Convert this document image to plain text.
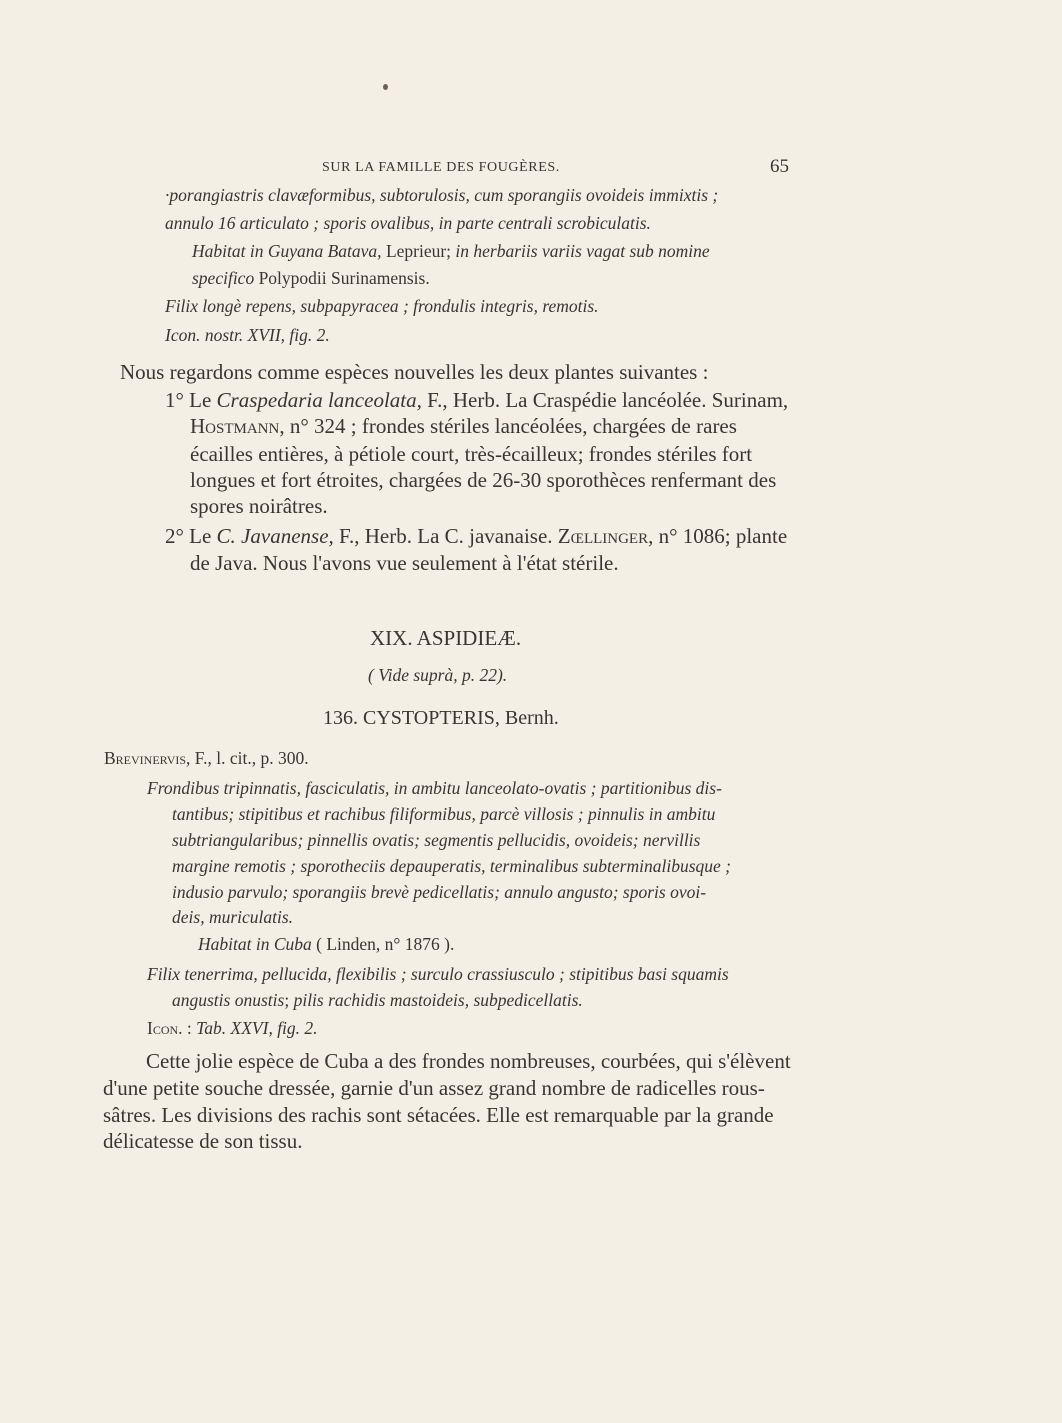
SUR LA FAMILLE DES FOUGÈRES.	65
·porangiastris clavæformibus, subtorulosis, cum sporangiis ovoideis immixtis ;
annulo 16 articulato ; sporis ovalibus, in parte centrali scrobiculatis.
Habitat in Guyana Batava, Leprieur; in herbariis variis vagat sub nomine
specifico Polypodii Surinamensis.
Filix longè repens, subpapyracea ; frondulis integris, remotis.
Icon. nostr. XVII, fig. 2.
Nous regardons comme espèces nouvelles les deux plantes suivantes :
1° Le Craspedaria lanceolata, F., Herb. La Craspédie lancéolée. Surinam,
Hostmann, n° 324 ; frondes stériles lancéolées, chargées de rares
écailles entières, à pétiole court, très-écailleux; frondes stériles fort
longues et fort étroites, chargées de 26-30 sporothèces renfermant des
spores noirâtres.
2° Le C. Javanense, F., Herb. La C. javanaise. Zœllinger, n° 1086; plante
de Java. Nous l'avons vue seulement à l'état stérile.
XIX. ASPIDIEÆ.
( Vide suprà, p. 22).
136. CYSTOPTERIS, Bernh.
Brevinervis, F., l. cit., p. 300.
Frondibus tripinnatis, fasciculatis, in ambitu lanceolato-ovatis ; partitionibus dis-
tantibus; stipitibus et rachibus filiformibus, parcè villosis ; pinnulis in ambitu
subtriangularibus; pinnellis ovatis; segmentis pellucidis, ovoideis; nervillis
margine remotis ; sporotheciis depauperatis, terminalibus subterminalibusque ;
indusio parvulo; sporangiis brevè pedicellatis; annulo angusto; sporis ovoi-
deis, muriculatis.
Habitat in Cuba ( Linden, n° 1876 ).
Filix tenerrima, pellucida, flexibilis ; surculo crassiusculo ; stipitibus basi squamis
angustis onustis; pilis rachidis mastoideis, subpedicellatis.
Icon. : Tab. XXVI, fig. 2.
Cette jolie espèce de Cuba a des frondes nombreuses, courbées, qui s'élèvent
d'une petite souche dressée, garnie d'un assez grand nombre de radicelles rous-
sâtres. Les divisions des rachis sont sétacées. Elle est remarquable par la grande
délicatesse de son tissu.
